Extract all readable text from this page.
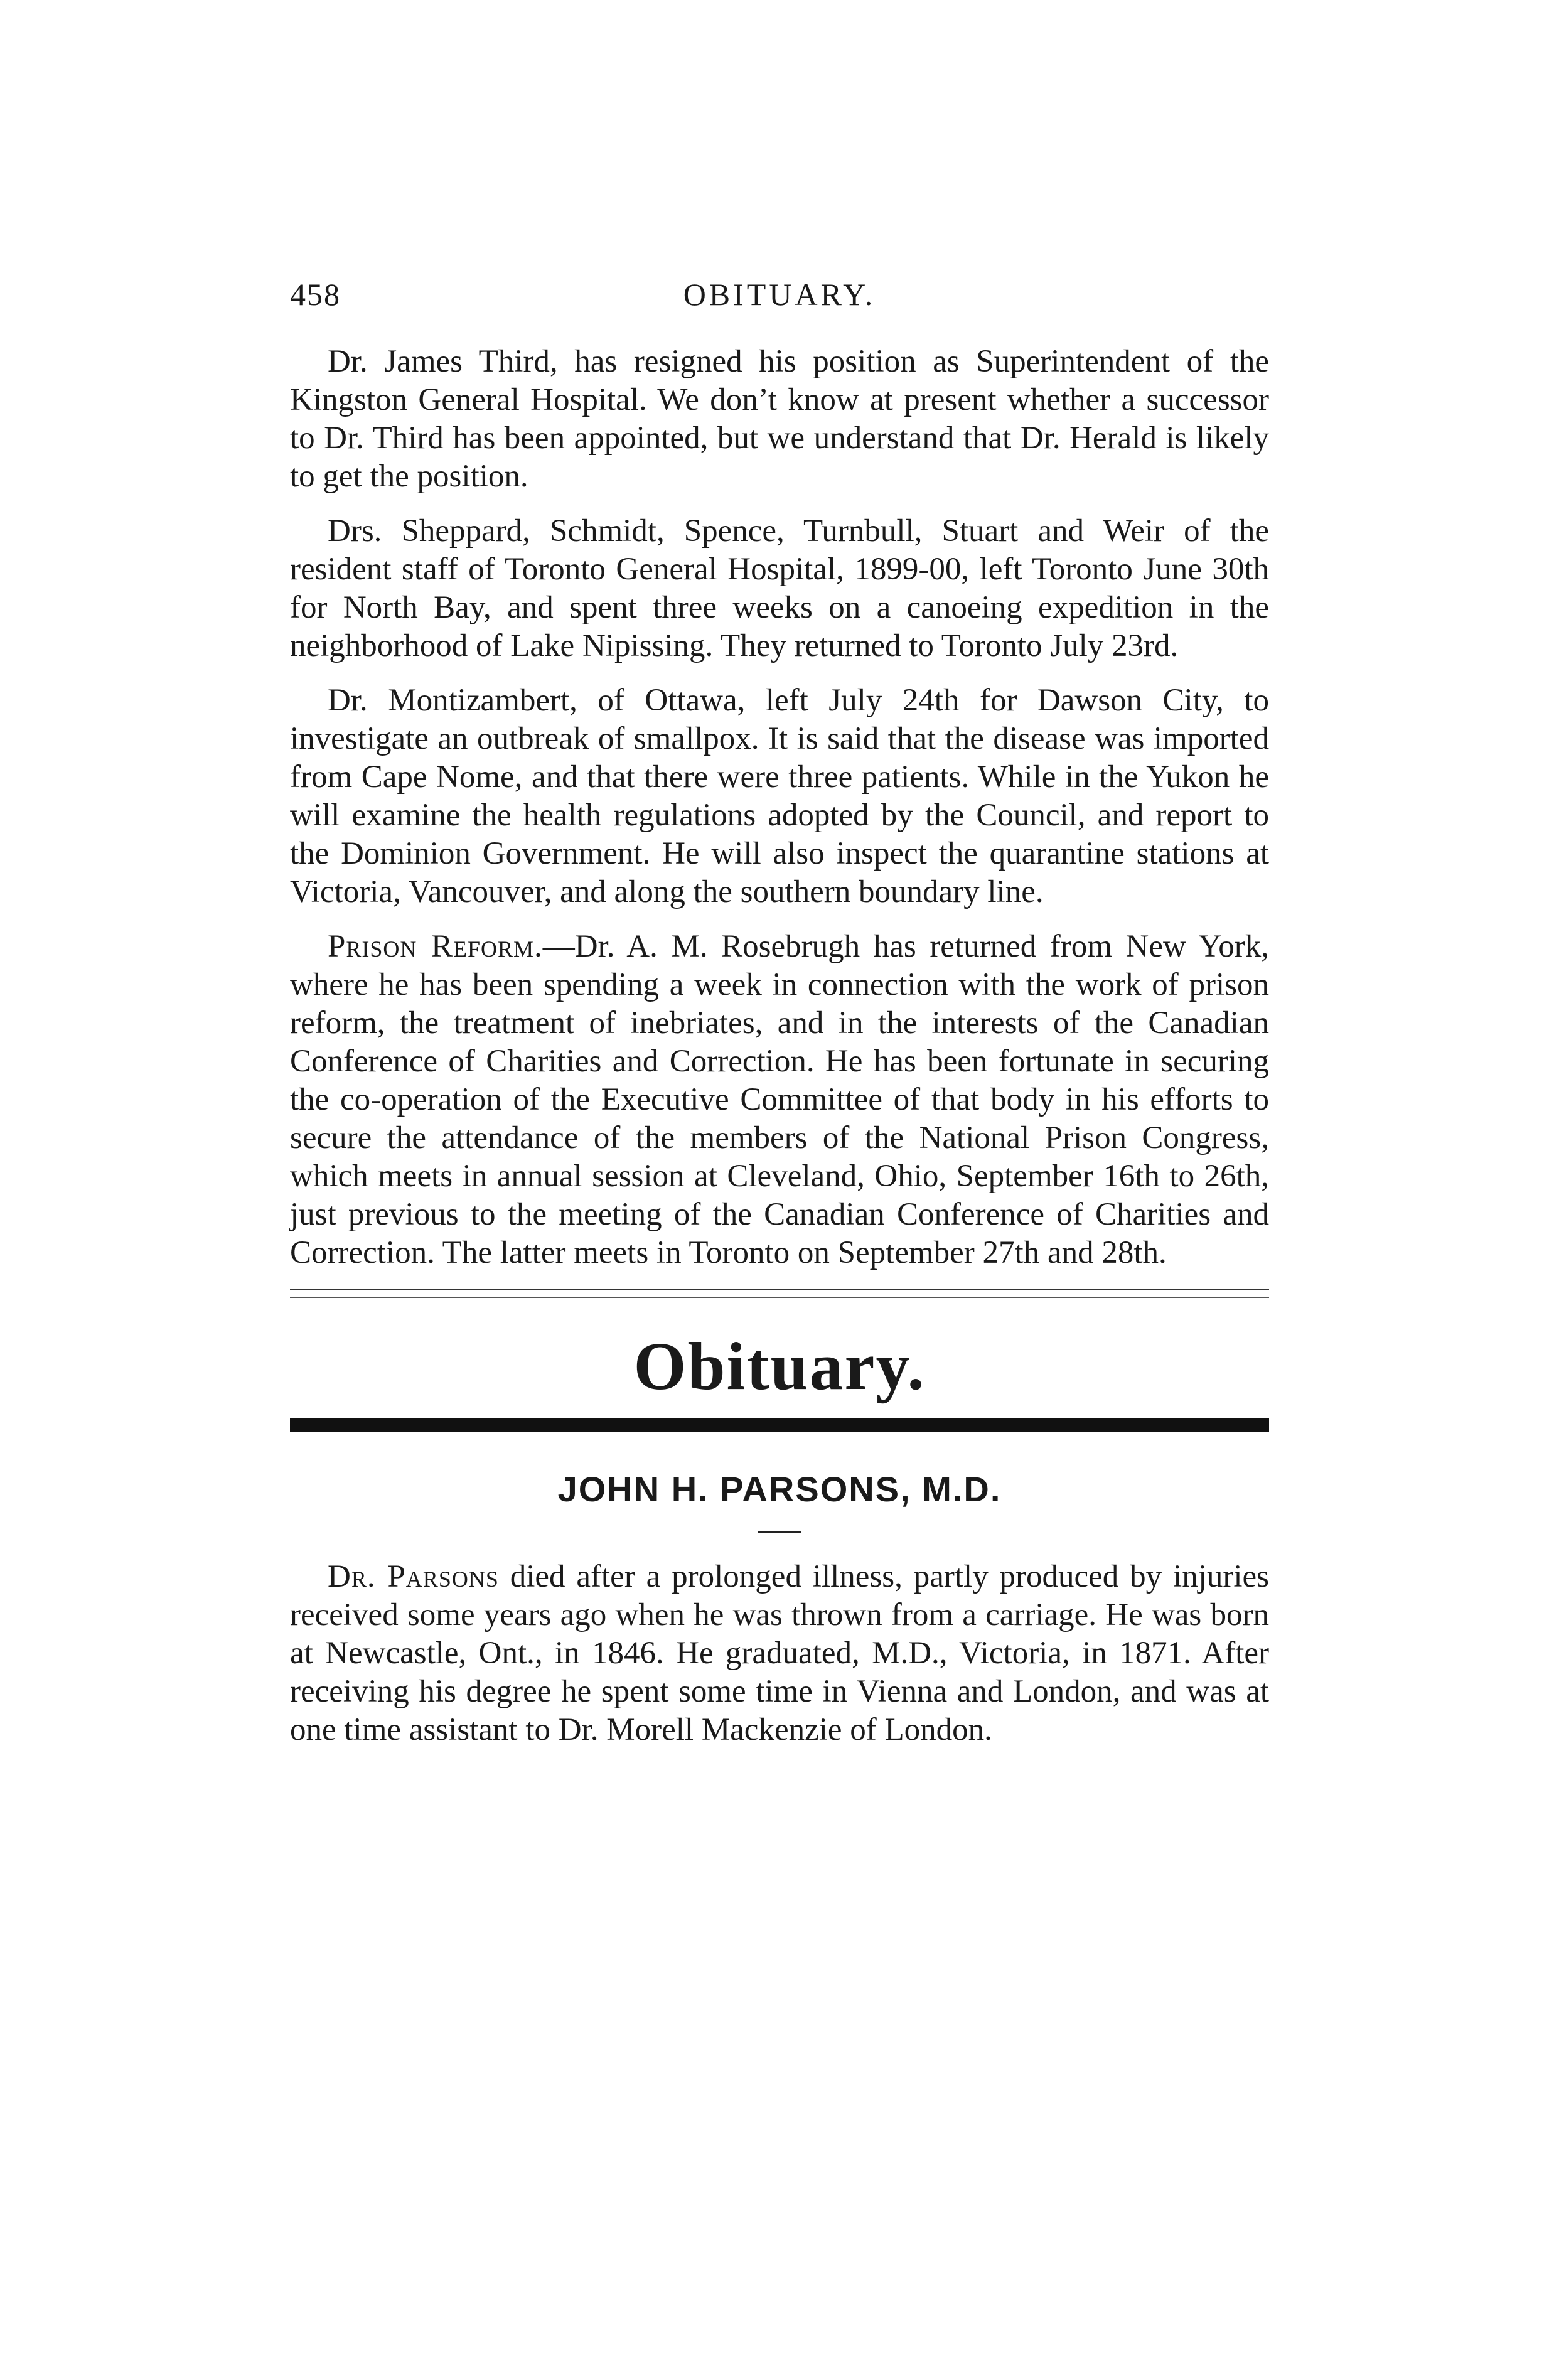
458	OBITUARY.

Dr. James Third, has resigned his position as Superintendent of the Kingston General Hospital. We don’t know at present whether a successor to Dr. Third has been appointed, but we understand that Dr. Herald is likely to get the position.

Drs. Sheppard, Schmidt, Spence, Turnbull, Stuart and Weir of the resident staff of Toronto General Hospital, 1899-00, left Toronto June 30th for North Bay, and spent three weeks on a canoeing expedition in the neighborhood of Lake Nipissing. They returned to Toronto July 23rd.

Dr. Montizambert, of Ottawa, left July 24th for Dawson City, to investigate an outbreak of smallpox. It is said that the disease was imported from Cape Nome, and that there were three patients. While in the Yukon he will examine the health regulations adopted by the Council, and report to the Dominion Government. He will also inspect the quarantine stations at Victoria, Vancouver, and along the southern boundary line.

Prison Reform.—Dr. A. M. Rosebrugh has returned from New York, where he has been spending a week in connection with the work of prison reform, the treatment of inebriates, and in the interests of the Canadian Conference of Charities and Correction. He has been fortunate in securing the co-operation of the Executive Committee of that body in his efforts to secure the attendance of the members of the National Prison Congress, which meets in annual session at Cleveland, Ohio, September 16th to 26th, just previous to the meeting of the Canadian Conference of Charities and Correction. The latter meets in Toronto on September 27th and 28th.

Obituary.
JOHN H. PARSONS, M.D.

Dr. Parsons died after a prolonged illness, partly produced by injuries received some years ago when he was thrown from a carriage. He was born at Newcastle, Ont., in 1846. He graduated, M.D., Victoria, in 1871. After receiving his degree he spent some time in Vienna and London, and was at one time assistant to Dr. Morell Mackenzie of London.
